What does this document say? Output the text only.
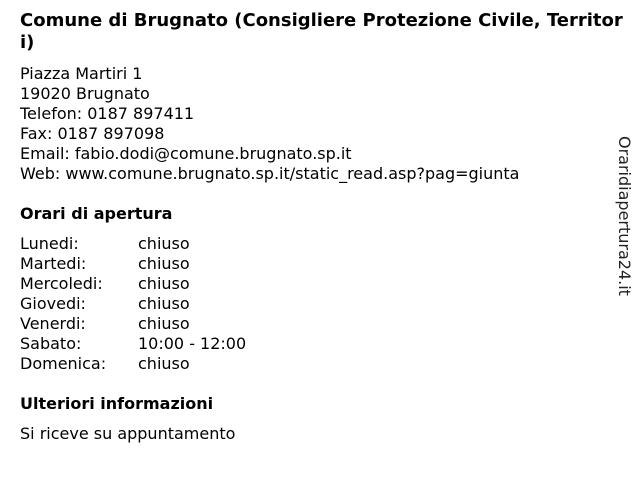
Comune di Brugnato (Consigliere Protezione Civile, Territori)
Piazza Martiri 1
19020 Brugnato
Telefon: 0187 897411
Fax: 0187 897098
Email: fabio.dodi@comune.brugnato.sp.it
Web: www.comune.brugnato.sp.it/static_read.asp?pag=giunta
Orari di apertura
Lunedi:	chiuso
Martedi:	chiuso
Mercoledi:	chiuso
Giovedi:	chiuso
Venerdi:	chiuso
Sabato:	10:00 - 12:00
Domenica:	chiuso
Ulteriori informazioni
Si riceve su appuntamento
Oraridiapertura24.it
